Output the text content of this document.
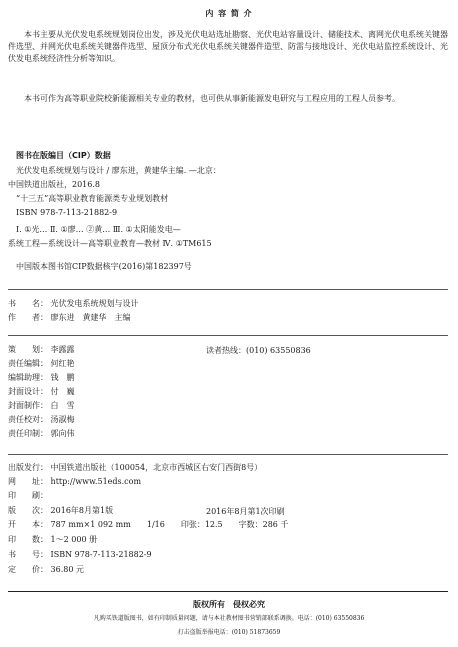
内 容 简 介
本书主要从光伏发电系统规划岗位出发，涉及光伏电站选址勘察、光伏电站容量设计、储能技术、离网光伏电系统关键器件选型、并网光伏电系统关键器件选型、屋顶分布式光伏电系统关键器件造型、防雷与接地设计、光伏电站监控系统设计、光伏发电系统经济性分析等知识。
本书可作为高等职业院校新能源相关专业的教材，也可供从事新能源发电研究与工程应用的工程人员参考。
图书在版编目（CIP）数据
光伏发电系统规划与设计 / 廖东进，黄建华主编. —北京：
中国铁道出版社，2016.8
“十三五”高等职业教育能源类专业规划教材
ISBN 978-7-113-21882-9
Ⅰ. ①光… Ⅱ. ①廖… ②黄… Ⅲ. ①太阳能发电—
系统工程—系统设计—高等职业教育—教材 Ⅳ. ①TM615
中国版本图书馆CIP数据核字(2016)第182397号
书　　名： 光伏发电系统规划与设计
作　　者： 廖东进　黄建华　主编
策　　划： 李露露	读者热线：(010) 63550836
责任编辑： 何红艳
编辑助理： 钱　鹏
封面设计： 付　巍
封面制作： 白　雪
责任校对： 汤淑梅
责任印制： 郭向伟
出版发行： 中国铁道出版社（100054，北京市西城区右安门西街8号）
网　　址： http://www.51eds.com
印　　刷：
版　　次： 2016年8月第1版	2016年8月第1次印刷
开　　本： 787 mm×1 092 mm　　1/16　　印张：12.5　　字数：286 千
印　　数： 1～2 000 册
书　　号： ISBN 978-7-113-21882-9
定　　价： 36.80 元
版权所有　侵权必究
凡购买铁道版图书，如有印制质量问题，请与本社教材图书营销部联系调换。电话：(010) 63550836
打击盗版举报电话：(010) 51873659
